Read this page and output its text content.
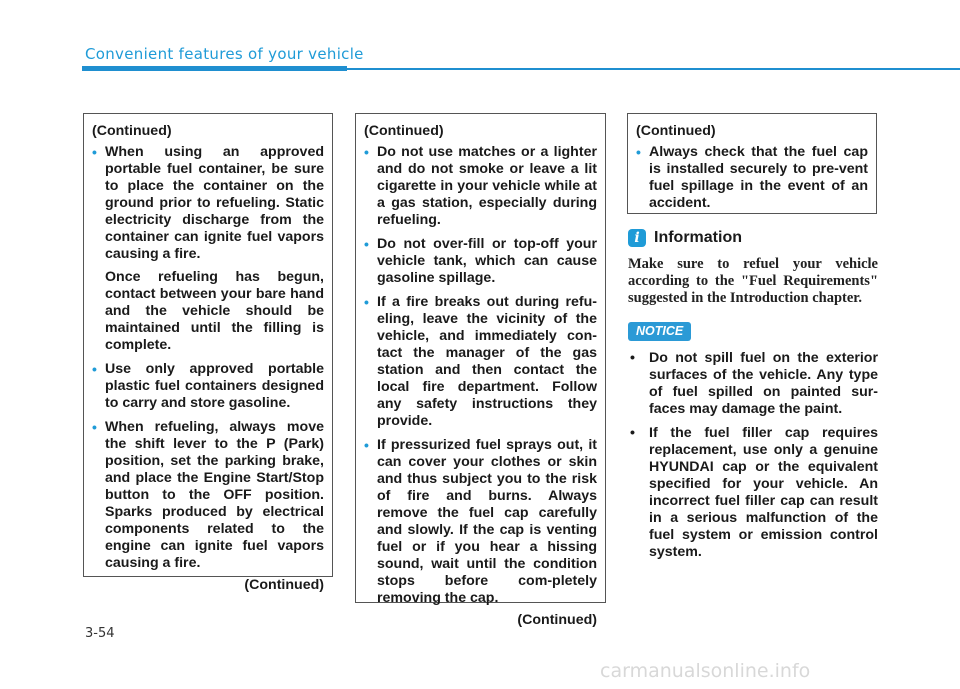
Convenient features of your vehicle
(Continued)
• When using an approved portable fuel container, be sure to place the container on the ground prior to refueling. Static electricity discharge from the container can ignite fuel vapors causing a fire.

Once refueling has begun, contact between your bare hand and the vehicle should be maintained until the filling is complete.

• Use only approved portable plastic fuel containers designed to carry and store gasoline.

• When refueling, always move the shift lever to the P (Park) position, set the parking brake, and place the Engine Start/Stop button to the OFF position. Sparks produced by electrical components related to the engine can ignite fuel vapors causing a fire.

(Continued)
(Continued)
• Do not use matches or a lighter and do not smoke or leave a lit cigarette in your vehicle while at a gas station, especially during refueling.

• Do not over-fill or top-off your vehicle tank, which can cause gasoline spillage.

• If a fire breaks out during refu-eling, leave the vicinity of the vehicle, and immediately con-tact the manager of the gas station and then contact the local fire department. Follow any safety instructions they provide.

• If pressurized fuel sprays out, it can cover your clothes or skin and thus subject you to the risk of fire and burns. Always remove the fuel cap carefully and slowly. If the cap is venting fuel or if you hear a hissing sound, wait until the condition stops before com-pletely removing the cap.

(Continued)
(Continued)
• Always check that the fuel cap is installed securely to pre-vent fuel spillage in the event of an accident.

i Information
Make sure to refuel your vehicle according to the "Fuel Requirements" suggested in the Introduction chapter.
NOTICE
• Do not spill fuel on the exterior surfaces of the vehicle. Any type of fuel spilled on painted sur-faces may damage the paint.
• If the fuel filler cap requires replacement, use only a genuine HYUNDAI cap or the equivalent specified for your vehicle. An incorrect fuel filler cap can result in a serious malfunction of the fuel system or emission control system.
3-54
carmanualsonline.info
